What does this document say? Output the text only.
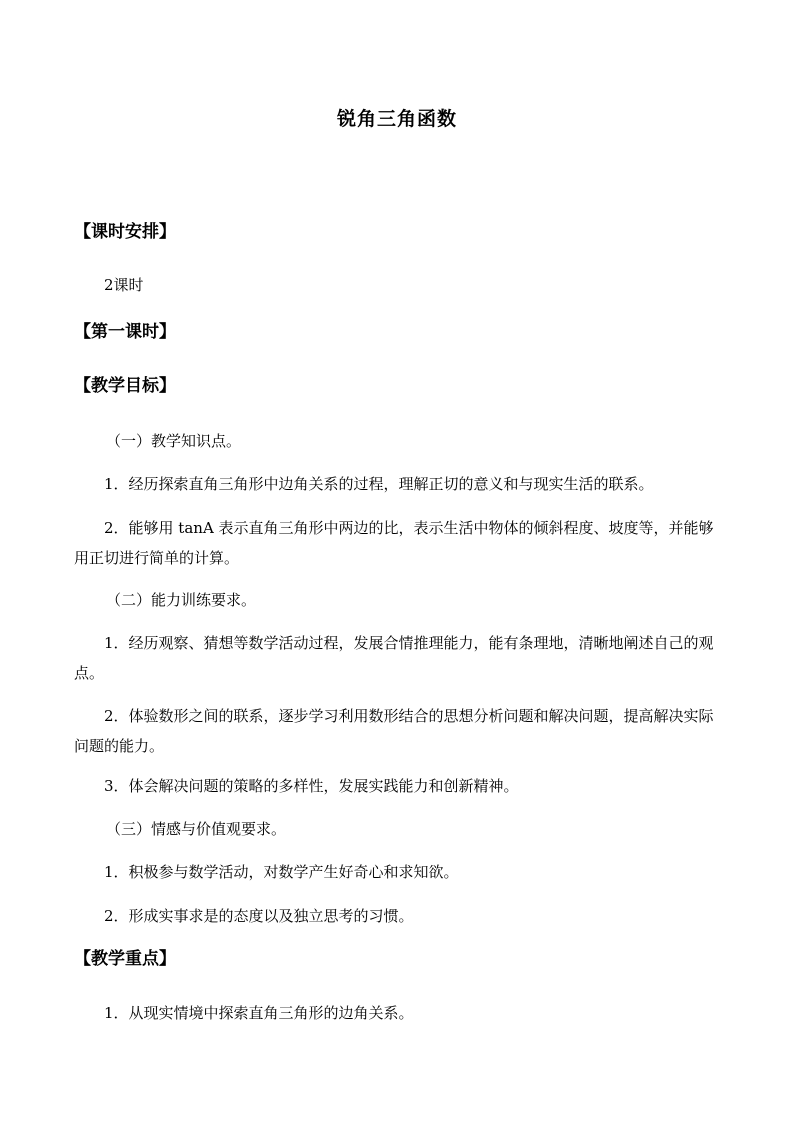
锐角三角函数
【课时安排】
2课时
【第一课时】
【教学目标】
（一）教学知识点。
1．经历探索直角三角形中边角关系的过程，理解正切的意义和与现实生活的联系。
2．能够用 tanA 表示直角三角形中两边的比，表示生活中物体的倾斜程度、坡度等，并能够用正切进行简单的计算。
（二）能力训练要求。
1．经历观察、猜想等数学活动过程，发展合情推理能力，能有条理地，清晰地阐述自己的观点。
2．体验数形之间的联系，逐步学习利用数形结合的思想分析问题和解决问题，提高解决实际问题的能力。
3．体会解决问题的策略的多样性，发展实践能力和创新精神。
（三）情感与价值观要求。
1．积极参与数学活动，对数学产生好奇心和求知欲。
2．形成实事求是的态度以及独立思考的习惯。
【教学重点】
1．从现实情境中探索直角三角形的边角关系。
